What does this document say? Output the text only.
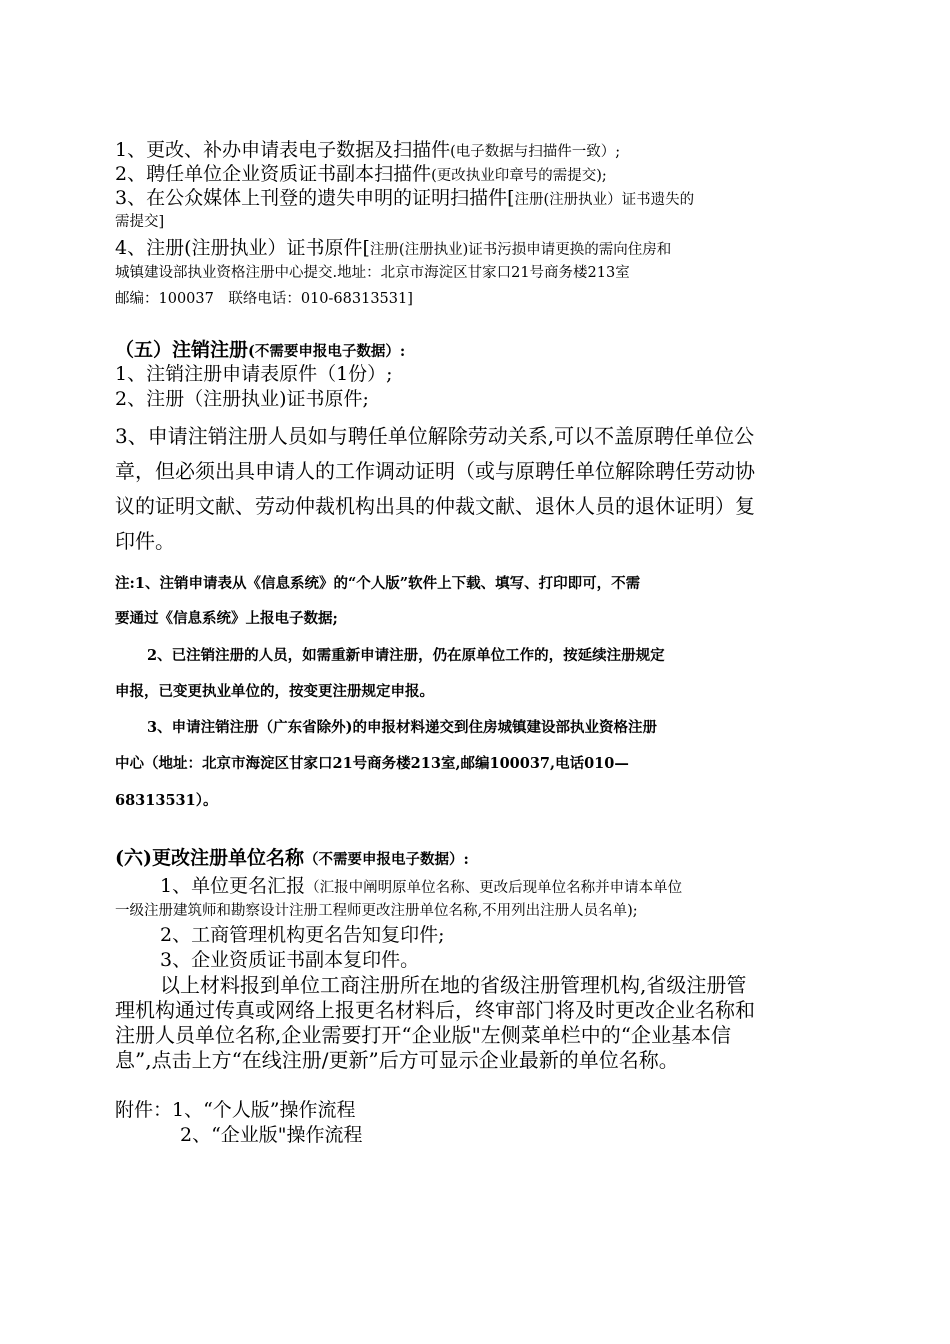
1、更改、补办申请表电子数据及扫描件(电子数据与扫描件一致）;
2、聘任单位企业资质证书副本扫描件(更改执业印章号的需提交);
3、在公众媒体上刊登的遗失申明的证明扫描件[注册(注册执业）证书遗失的
需提交]
4、注册(注册执业）证书原件[注册(注册执业)证书污损申请更换的需向住房和
城镇建设部执业资格注册中心提交.地址：北京市海淀区甘家口21号商务楼213室
邮编：100037　联络电话：010-68313531]
（五）注销注册(不需要申报电子数据）:
1、注销注册申请表原件（1份）;
2、注册（注册执业)证书原件;
3、申请注销注册人员如与聘任单位解除劳动关系,可以不盖原聘任单位公
章，但必须出具申请人的工作调动证明（或与原聘任单位解除聘任劳动协
议的证明文献、劳动仲裁机构出具的仲裁文献、退休人员的退休证明）复
印件。
注:1、注销申请表从《信息系统》的“个人版”软件上下载、填写、打印即可，不需
要通过《信息系统》上报电子数据;
2、已注销注册的人员，如需重新申请注册，仍在原单位工作的，按延续注册规定
申报，已变更执业单位的，按变更注册规定申报。
3、申请注销注册（广东省除外)的申报材料递交到住房城镇建设部执业资格注册
中心（地址：北京市海淀区甘家口21号商务楼213室,邮编100037,电话010—
68313531）。
(六)更改注册单位名称（不需要申报电子数据）:
1、单位更名汇报（汇报中阐明原单位名称、更改后现单位名称并申请本单位
一级注册建筑师和勘察设计注册工程师更改注册单位名称,不用列出注册人员名单);
2、工商管理机构更名告知复印件;
3、企业资质证书副本复印件。
以上材料报到单位工商注册所在地的省级注册管理机构,省级注册管
理机构通过传真或网络上报更名材料后，终审部门将及时更改企业名称和
注册人员单位名称,企业需要打开“企业版"左侧菜单栏中的“企业基本信
息”,点击上方“在线注册/更新”后方可显示企业最新的单位名称。
附件：1、“个人版”操作流程
2、“企业版"操作流程
